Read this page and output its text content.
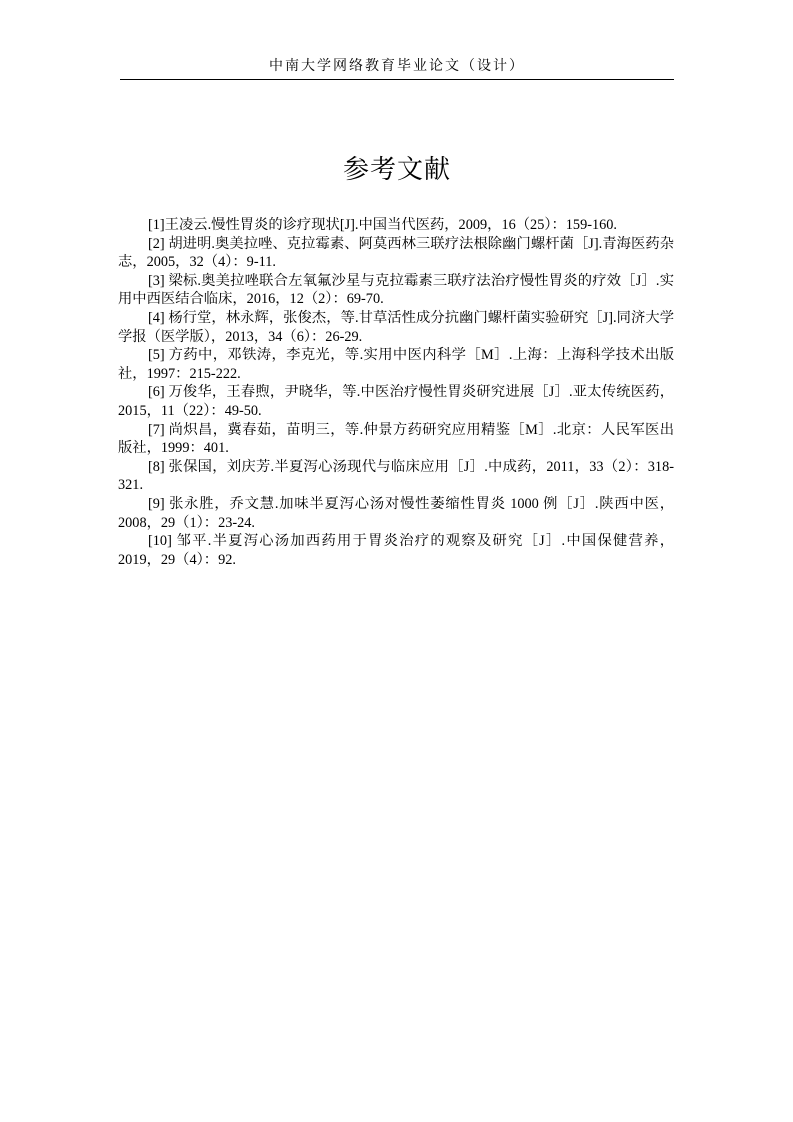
中南大学网络教育毕业论文（设计）
参考文献

[1]王凌云.慢性胃炎的诊疗现状[J].中国当代医药，2009，16（25）：159-160.

[2] 胡进明.奥美拉唑、克拉霉素、阿莫西林三联疗法根除幽门螺杆菌［J].青海医药杂志，2005，32（4）：9-11.

[3] 梁标.奥美拉唑联合左氧氟沙星与克拉霉素三联疗法治疗慢性胃炎的疗效［J］.实用中西医结合临床，2016，12（2）：69-70.

[4] 杨行堂，林永辉，张俊杰，等.甘草活性成分抗幽门螺杆菌实验研究［J].同济大学学报（医学版），2013，34（6）：26-29.

[5] 方药中，邓铁涛，李克光，等.实用中医内科学［M］.上海：上海科学技术出版社，1997：215-222.

[6] 万俊华，王春煦，尹晓华，等.中医治疗慢性胃炎研究进展［J］.亚太传统医药，2015，11（22）：49-50.

[7] 尚炽昌，冀春茹，苗明三，等.仲景方药研究应用精鉴［M］.北京：人民军医出版社，1999：401.

[8] 张保国，刘庆芳.半夏泻心汤现代与临床应用［J］.中成药，2011，33（2）：318-321.

[9] 张永胜，乔文慧.加味半夏泻心汤对慢性萎缩性胃炎 1000 例［J］.陕西中医，2008，29（1）：23-24.

[10] 邹平.半夏泻心汤加西药用于胃炎治疗的观察及研究［J］.中国保健营养，2019，29（4）：92.
